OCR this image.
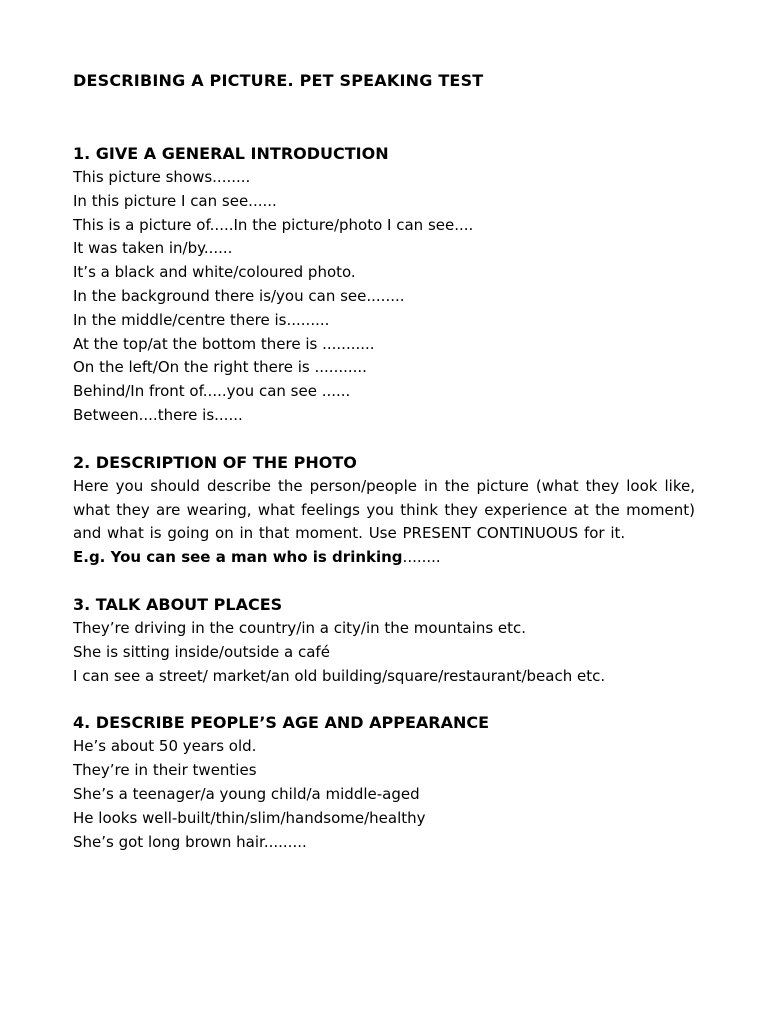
DESCRIBING A PICTURE. PET SPEAKING TEST
1. GIVE A GENERAL INTRODUCTION

This picture shows........

In this picture I can see......

This is a picture of.....In the picture/photo I can see....

It was taken in/by......

It’s a black and white/coloured photo.

In the background there is/you can see........

In the middle/centre there is.........

At the top/at the bottom there is ...........

On the left/On the right there is ...........

Behind/In front of.....you can see ......

Between....there is......

2. DESCRIPTION OF THE PHOTO

Here you should describe the person/people in the picture (what they look like, what they are wearing, what feelings you think they experience at the moment) and what is going on in that moment. Use PRESENT CONTINUOUS for it.

E.g. You can see a man who is drinking........

3. TALK ABOUT PLACES

They’re driving in the country/in a city/in the mountains etc.

She is sitting inside/outside a café

I can see a street/ market/an old building/square/restaurant/beach etc.

4. DESCRIBE PEOPLE’S AGE AND APPEARANCE

He’s about 50 years old.

They’re in their twenties

She’s a teenager/a young child/a middle-aged

He looks well-built/thin/slim/handsome/healthy

She’s got long brown hair.........
